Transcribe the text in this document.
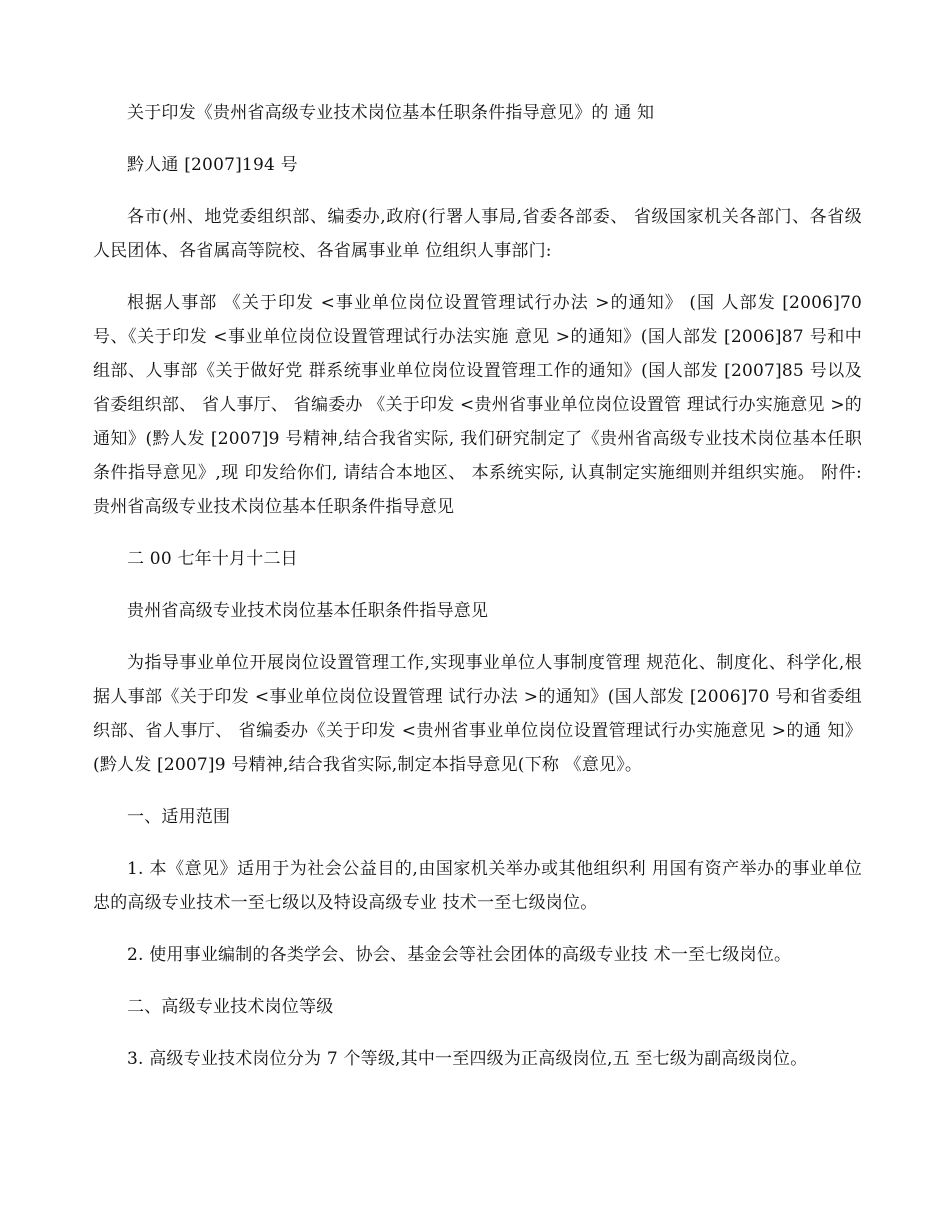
关于印发《贵州省高级专业技术岗位基本任职条件指导意见》的 通 知

黔人通 [2007]194 号

各市(州、地党委组织部、编委办,政府(行署人事局,省委各部委、 省级国家机关各部门、各省级人民团体、各省属高等院校、各省属事业单 位组织人事部门:

根据人事部 《关于印发 <事业单位岗位设置管理试行办法 >的通知》 (国 人部发 [2006]70 号、《关于印发 <事业单位岗位设置管理试行办法实施 意见 >的通知》(国人部发 [2006]87 号和中组部、人事部《关于做好党 群系统事业单位岗位设置管理工作的通知》(国人部发 [2007]85 号以及 省委组织部、 省人事厅、 省编委办 《关于印发 <贵州省事业单位岗位设置管 理试行办实施意见 >的通知》(黔人发 [2007]9 号精神,结合我省实际, 我们研究制定了《贵州省高级专业技术岗位基本任职条件指导意见》,现 印发给你们, 请结合本地区、 本系统实际, 认真制定实施细则并组织实施。 附件:贵州省高级专业技术岗位基本任职条件指导意见

二 00 七年十月十二日

贵州省高级专业技术岗位基本任职条件指导意见

为指导事业单位开展岗位设置管理工作,实现事业单位人事制度管理 规范化、制度化、科学化,根据人事部《关于印发 <事业单位岗位设置管理 试行办法 >的通知》(国人部发 [2006]70 号和省委组织部、省人事厅、 省编委办《关于印发 <贵州省事业单位岗位设置管理试行办实施意见 >的通 知》(黔人发 [2007]9 号精神,结合我省实际,制定本指导意见(下称 《意见》。

一、适用范围

1. 本《意见》适用于为社会公益目的,由国家机关举办或其他组织利 用国有资产举办的事业单位忠的高级专业技术一至七级以及特设高级专业 技术一至七级岗位。

2. 使用事业编制的各类学会、协会、基金会等社会团体的高级专业技 术一至七级岗位。

二、高级专业技术岗位等级

3. 高级专业技术岗位分为 7 个等级,其中一至四级为正高级岗位,五 至七级为副高级岗位。
